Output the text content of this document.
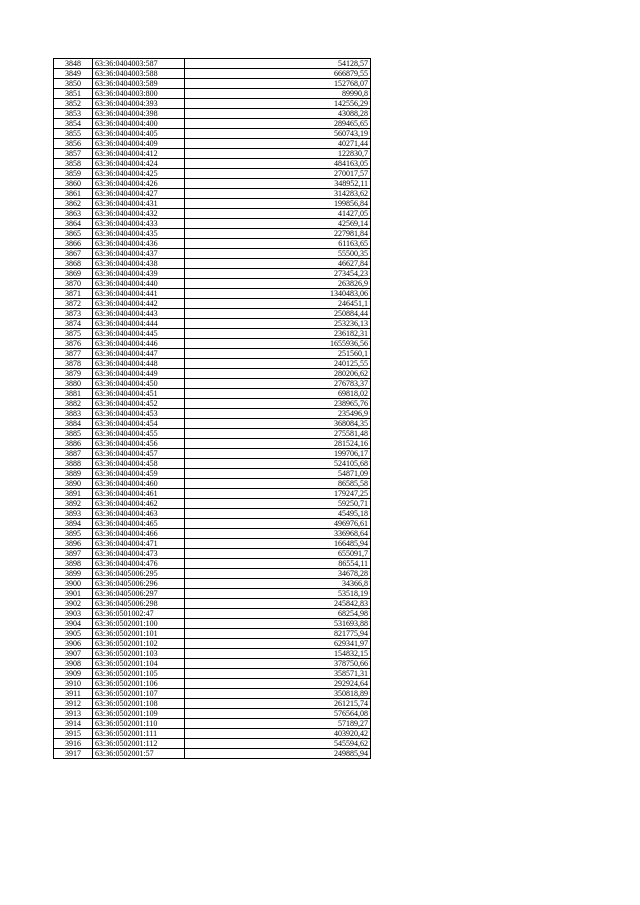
3848	63:36:0404003:587	54128,57
3849	63:36:0404003:588	666879,55
3850	63:36:0404003:589	152768,07
3851	63:36:0404003:800	89990,8
3852	63:36:0404004:393	142556,29
3853	63:36:0404004:398	43088,28
3854	63:36:0404004:400	289465,65
3855	63:36:0404004:405	560743,19
3856	63:36:0404004:409	40271,44
3857	63:36:0404004:412	122830,7
3858	63:36:0404004:424	484163,05
3859	63:36:0404004:425	270017,57
3860	63:36:0404004:426	348952,11
3861	63:36:0404004:427	314283,62
3862	63:36:0404004:431	199856,84
3863	63:36:0404004:432	41427,05
3864	63:36:0404004:433	42569,14
3865	63:36:0404004:435	227981,84
3866	63:36:0404004:436	61163,65
3867	63:36:0404004:437	55500,35
3868	63:36:0404004:438	46627,84
3869	63:36:0404004:439	273454,23
3870	63:36:0404004:440	263826,9
3871	63:36:0404004:441	1340483,06
3872	63:36:0404004:442	246451,1
3873	63:36:0404004:443	250884,44
3874	63:36:0404004:444	253236,13
3875	63:36:0404004:445	236182,31
3876	63:36:0404004:446	1655936,56
3877	63:36:0404004:447	251560,1
3878	63:36:0404004:448	240125,55
3879	63:36:0404004:449	280206,62
3880	63:36:0404004:450	276783,37
3881	63:36:0404004:451	69818,02
3882	63:36:0404004:452	238965,76
3883	63:36:0404004:453	235496,9
3884	63:36:0404004:454	368084,35
3885	63:36:0404004:455	275581,48
3886	63:36:0404004:456	281524,16
3887	63:36:0404004:457	199706,17
3888	63:36:0404004:458	524105,68
3889	63:36:0404004:459	54871,09
3890	63:36:0404004:460	86585,58
3891	63:36:0404004:461	179247,25
3892	63:36:0404004:462	59250,71
3893	63:36:0404004:463	45495,18
3894	63:36:0404004:465	496976,61
3895	63:36:0404004:466	336968,64
3896	63:36:0404004:471	166485,94
3897	63:36:0404004:473	655091,7
3898	63:36:0404004:476	86554,11
3899	63:36:0405006:295	34678,28
3900	63:36:0405006:296	34366,8
3901	63:36:0405006:297	53518,19
3902	63:36:0405006:298	245842,83
3903	63:36:0501002:47	68254,98
3904	63:36:0502001:100	531693,88
3905	63:36:0502001:101	821775,94
3906	63:36:0502001:102	629341,97
3907	63:36:0502001:103	154832,15
3908	63:36:0502001:104	378750,66
3909	63:36:0502001:105	358571,31
3910	63:36:0502001:106	292924,64
3911	63:36:0502001:107	350818,89
3912	63:36:0502001:108	261215,74
3913	63:36:0502001:109	576564,08
3914	63:36:0502001:110	57189,27
3915	63:36:0502001:111	403920,42
3916	63:36:0502001:112	545594,62
3917	63:36:0502001:57	249885,94
